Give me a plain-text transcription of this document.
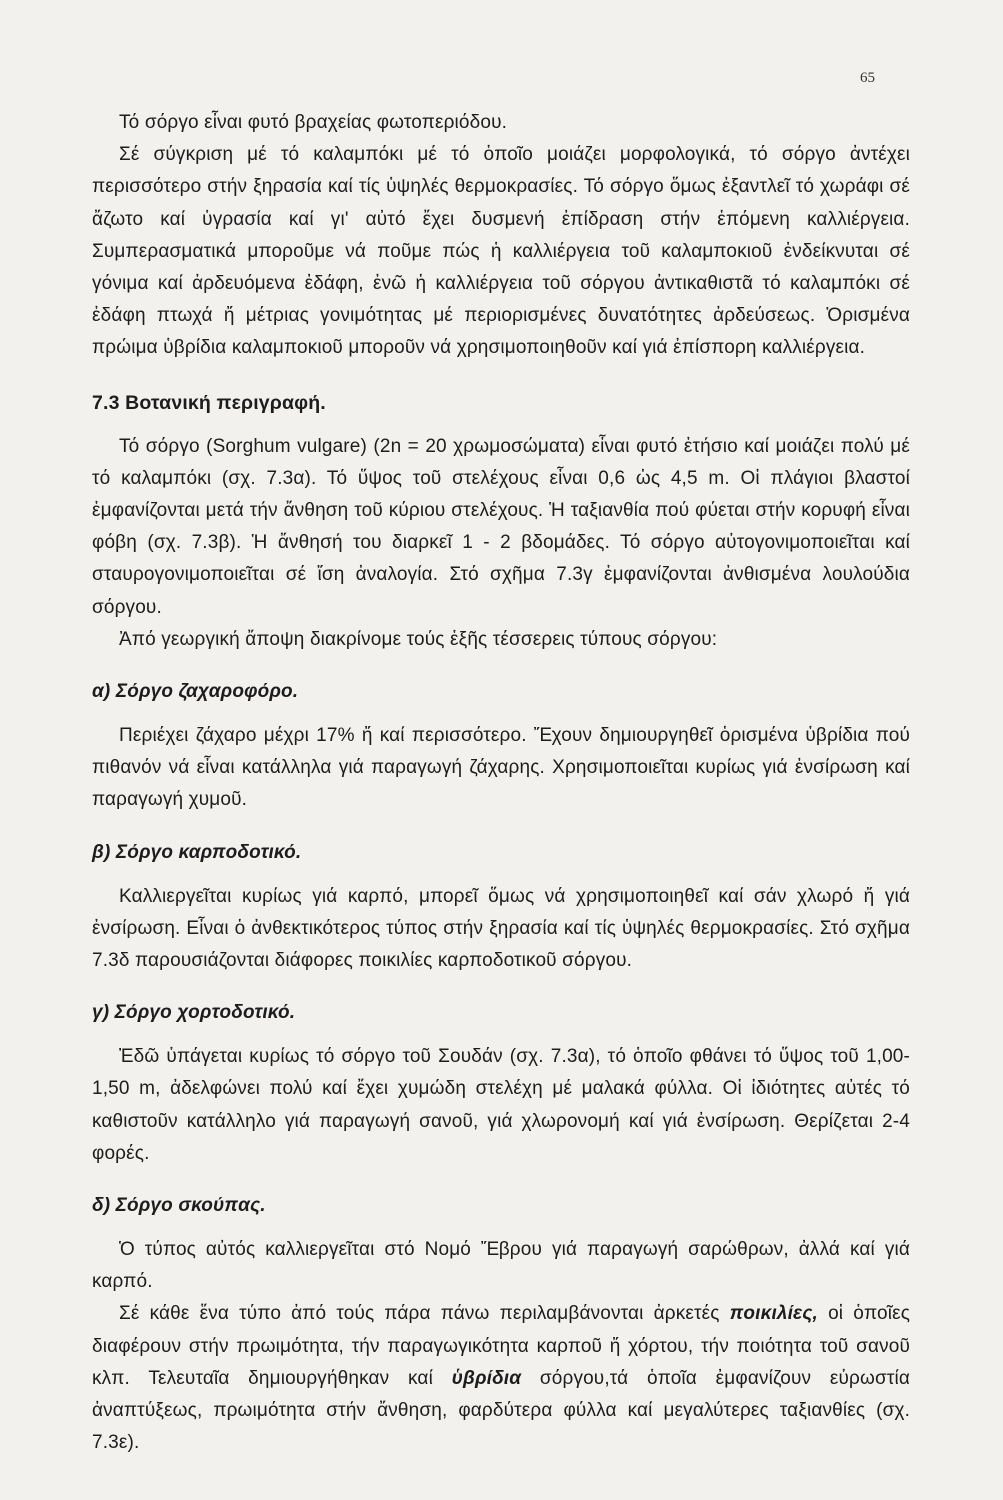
65

Τό σόργο εἶναι φυτό βραχείας φωτοπεριόδου.

Σέ σύγκριση μέ τό καλαμπόκι μέ τό ὁποῖο μοιάζει μορφολογικά, τό σόργο ἀντέχει περισσότερο στήν ξηρασία καί τίς ὑψηλές θερμοκρασίες. Τό σόργο ὅμως ἐξαντλεῖ τό χωράφι σέ ἄζωτο καί ὑγρασία καί γι' αὐτό ἔχει δυσμενή ἐπίδραση στήν ἑπόμενη καλλιέργεια. Συμπερασματικά μποροῦμε νά ποῦμε πώς ἡ καλλιέργεια τοῦ καλαμποκιοῦ ἐνδείκνυται σέ γόνιμα καί ἀρδευόμενα ἐδάφη, ἐνῶ ἡ καλλιέργεια τοῦ σόργου ἀντικαθιστᾶ τό καλαμπόκι σέ ἐδάφη πτωχά ἤ μέτριας γονιμότητας μέ περιορισμένες δυνατότητες ἀρδεύσεως. Ὁρισμένα πρώιμα ὑβρίδια καλαμποκιοῦ μποροῦν νά χρησιμοποιηθοῦν καί γιά ἐπίσπορη καλλιέργεια.

7.3 Βοτανική περιγραφή.

Τό σόργο (Sorghum vulgare) (2n = 20 χρωμοσώματα) εἶναι φυτό ἐτήσιο καί μοιάζει πολύ μέ τό καλαμπόκι (σχ. 7.3α). Τό ὕψος τοῦ στελέχους εἶναι 0,6 ὡς 4,5 m. Οἱ πλάγιοι βλαστοί ἐμφανίζονται μετά τήν ἄνθηση τοῦ κύριου στελέχους. Ἡ ταξιανθία πού φύεται στήν κορυφή εἶναι φόβη (σχ. 7.3β). Ἡ ἄνθησή του διαρκεῖ 1 - 2 βδομάδες. Τό σόργο αὐτογονιμοποιεῖται καί σταυρογονιμοποιεῖται σέ ἴση ἀναλογία. Στό σχῆμα 7.3γ ἐμφανίζονται ἀνθισμένα λουλούδια σόργου.

Ἀπό γεωργική ἄποψη διακρίνομε τούς ἑξῆς τέσσερεις τύπους σόργου:

α) Σόργο ζαχαροφόρο.

Περιέχει ζάχαρο μέχρι 17% ἤ καί περισσότερο. Ἔχουν δημιουργηθεῖ ὁρισμένα ὑβρίδια πού πιθανόν νά εἶναι κατάλληλα γιά παραγωγή ζάχαρης. Χρησιμοποιεῖται κυρίως γιά ἐνσίρωση καί παραγωγή χυμοῦ.

β) Σόργο καρποδοτικό.

Καλλιεργεῖται κυρίως γιά καρπό, μπορεῖ ὅμως νά χρησιμοποιηθεῖ καί σάν χλωρό ἤ γιά ἐνσίρωση. Εἶναι ὁ ἀνθεκτικότερος τύπος στήν ξηρασία καί τίς ὑψηλές θερμοκρασίες. Στό σχῆμα 7.3δ παρουσιάζονται διάφορες ποικιλίες καρποδοτικοῦ σόργου.

γ) Σόργο χορτοδοτικό.

Ἐδῶ ὑπάγεται κυρίως τό σόργο τοῦ Σουδάν (σχ. 7.3α), τό ὁποῖο φθάνει τό ὕψος τοῦ 1,00-1,50 m, ἀδελφώνει πολύ καί ἔχει χυμώδη στελέχη μέ μαλακά φύλλα. Οἱ ἰδιότητες αὐτές τό καθιστοῦν κατάλληλο γιά παραγωγή σανοῦ, γιά χλωρονομή καί γιά ἐνσίρωση. Θερίζεται 2-4 φορές.

δ) Σόργο σκούπας.

Ὁ τύπος αὐτός καλλιεργεῖται στό Νομό Ἔβρου γιά παραγωγή σαρώθρων, ἀλλά καί γιά καρπό.

Σέ κάθε ἕνα τύπο ἀπό τούς πάρα πάνω περιλαμβάνονται ἀρκετές ποικιλίες, οἱ ὁποῖες διαφέρουν στήν πρωιμότητα, τήν παραγωγικότητα καρποῦ ἤ χόρτου, τήν ποιότητα τοῦ σανοῦ κλπ. Τελευταῖα δημιουργήθηκαν καί ὑβρίδια σόργου,τά ὁποῖα ἐμφανίζουν εὐρωστία ἀναπτύξεως, πρωιμότητα στήν ἄνθηση, φαρδύτερα φύλλα καί μεγαλύτερες ταξιανθίες (σχ. 7.3ε).
